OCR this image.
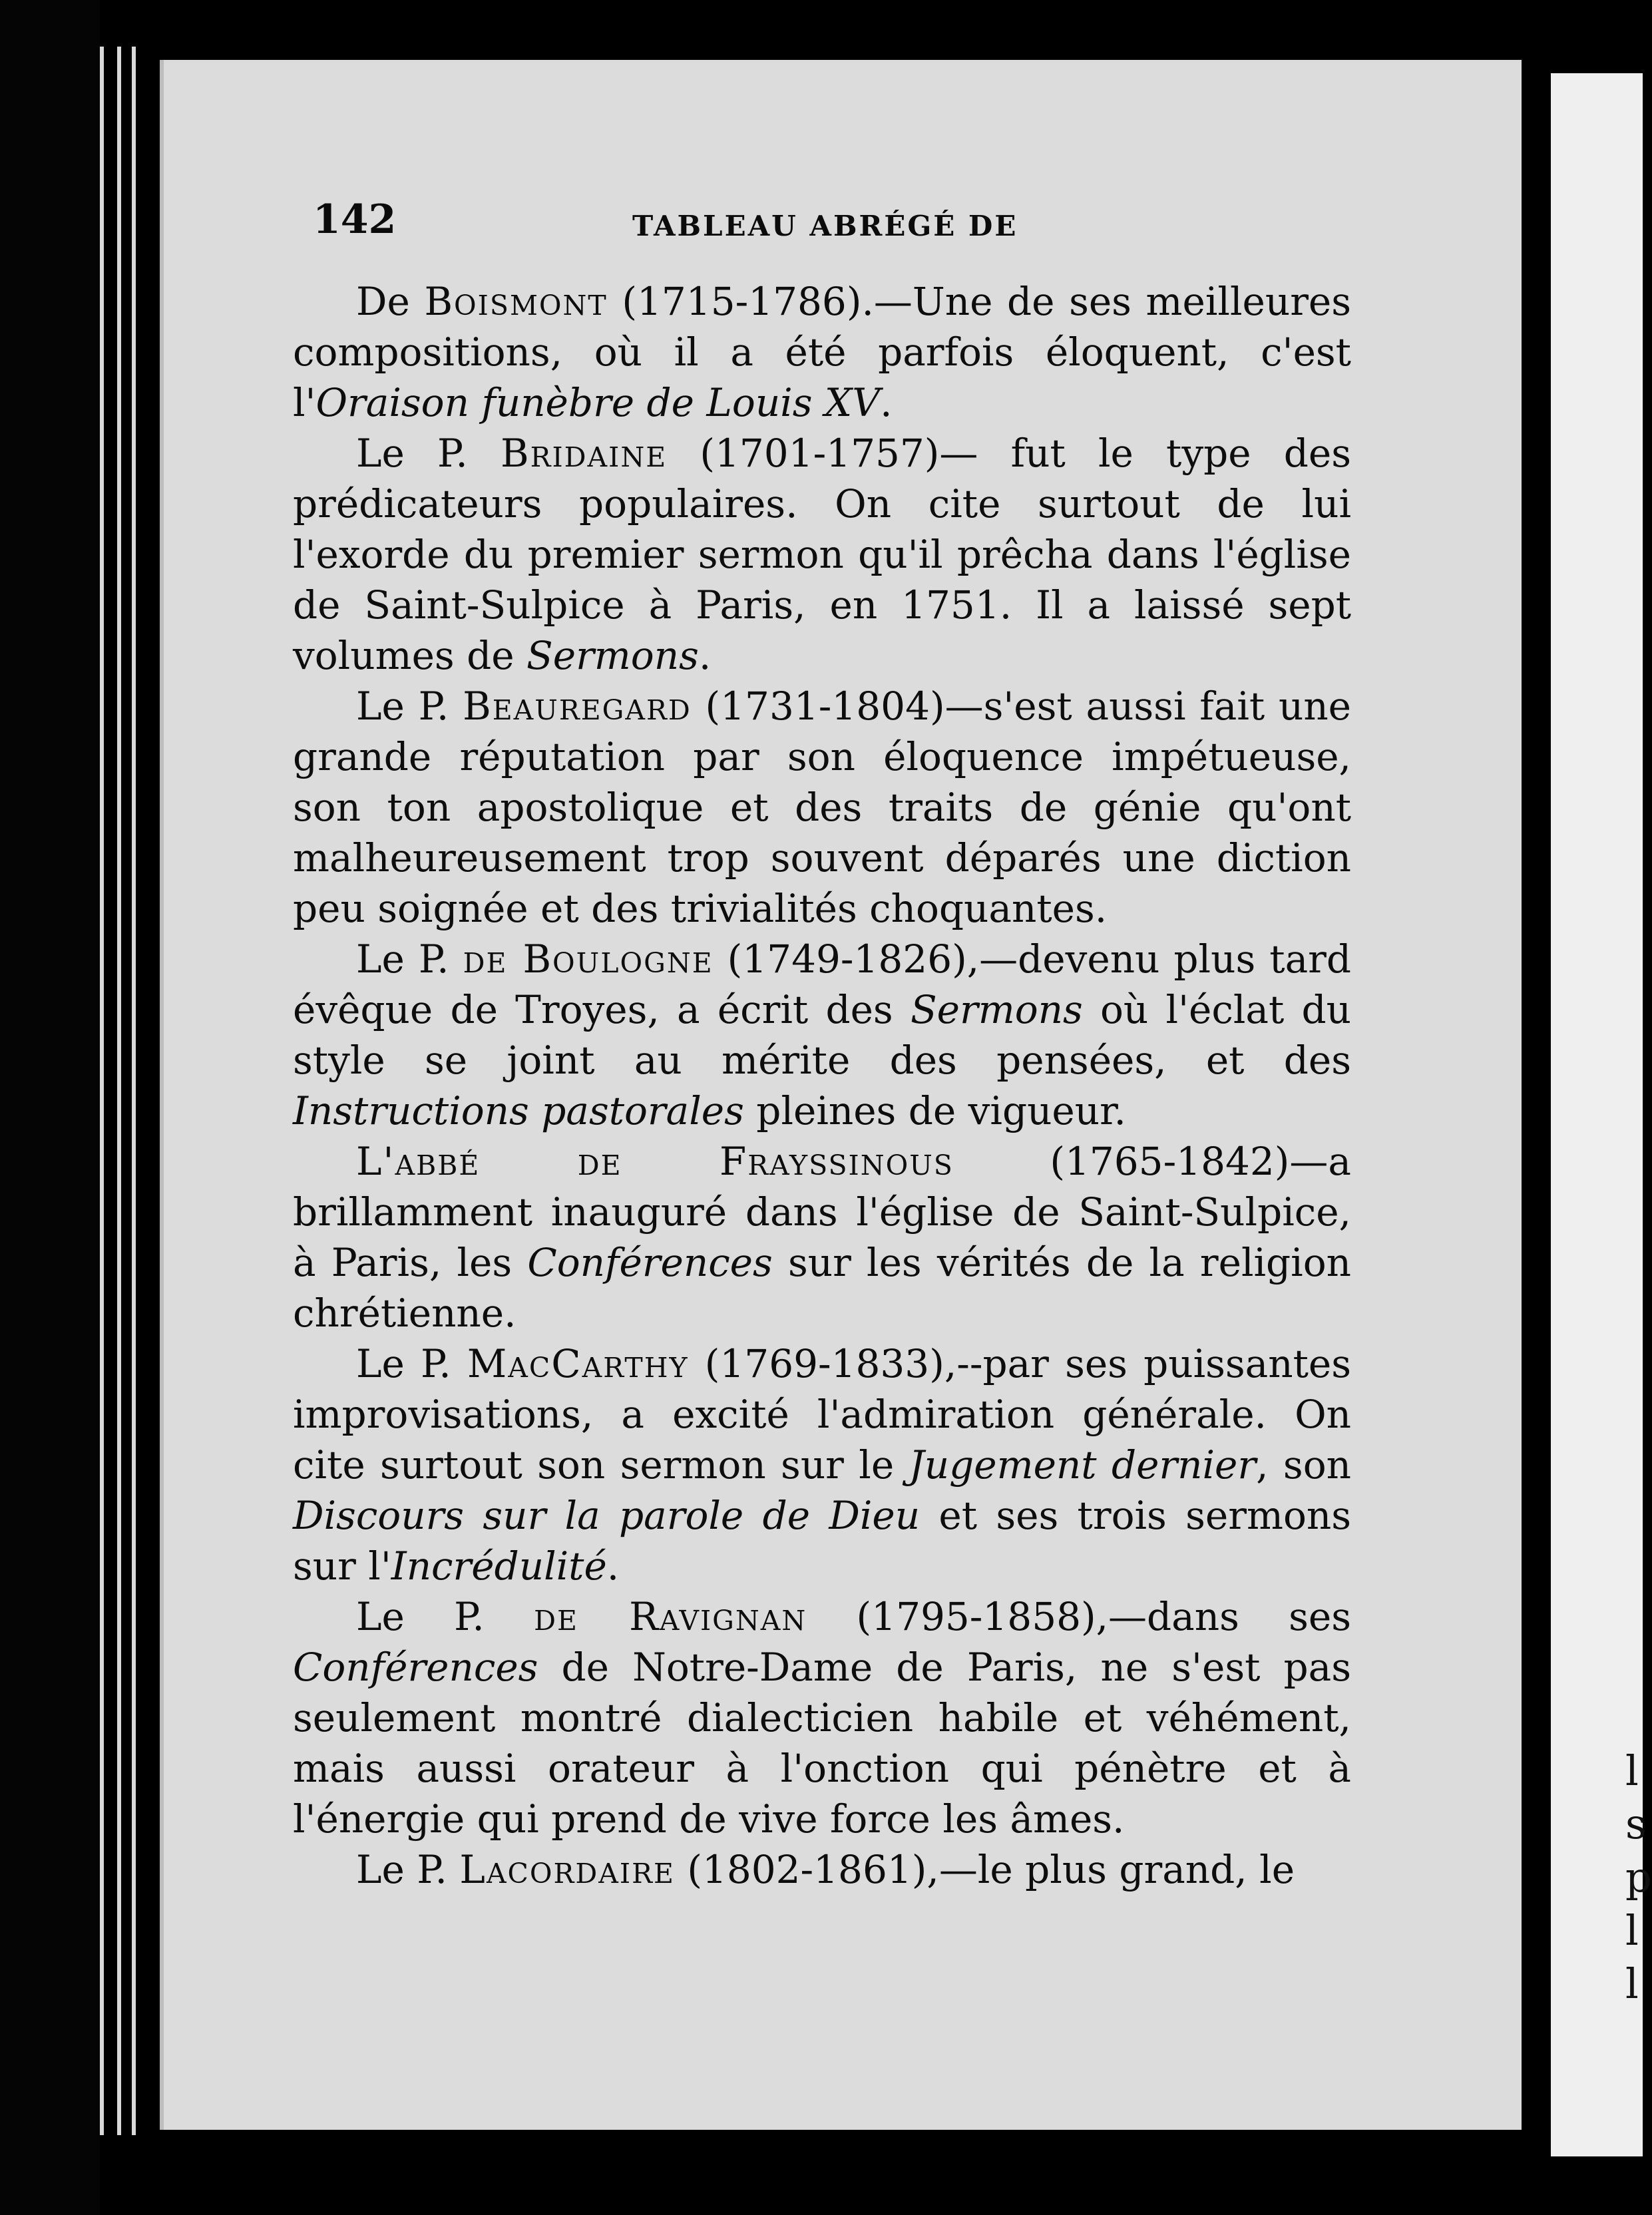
l
s
p
l
l
142	TABLEAU ABRÉGÉ DE

De Boismont (1715-1786).—Une de ses meilleures compositions, où il a été parfois éloquent, c'est l'Oraison funèbre de Louis XV.

Le P. Bridaine (1701-1757)— fut le type des prédicateurs populaires. On cite surtout de lui l'exorde du premier sermon qu'il prêcha dans l'église de Saint-Sulpice à Paris, en 1751. Il a laissé sept volumes de Sermons.

Le P. Beauregard (1731-1804)—s'est aussi fait une grande réputation par son éloquence impétueuse, son ton apostolique et des traits de génie qu'ont malheureusement trop souvent déparés une diction peu soignée et des trivialités choquantes.

Le P. de Boulogne (1749-1826),—devenu plus tard évêque de Troyes, a écrit des Sermons où l'éclat du style se joint au mérite des pensées, et des Instructions pastorales pleines de vigueur.

L'abbé de Frayssinous (1765-1842)—a brillamment inauguré dans l'église de Saint-Sulpice, à Paris, les Conférences sur les vérités de la religion chrétienne.

Le P. MacCarthy (1769-1833),--par ses puissantes improvisations, a excité l'admiration générale. On cite surtout son sermon sur le Jugement dernier, son Discours sur la parole de Dieu et ses trois sermons sur l'Incrédulité.

Le P. de Ravignan (1795-1858),—dans ses Conférences de Notre-Dame de Paris, ne s'est pas seulement montré dialecticien habile et véhément, mais aussi orateur à l'onction qui pénètre et à l'énergie qui prend de vive force les âmes.

Le P. Lacordaire (1802-1861),—le plus grand, le
